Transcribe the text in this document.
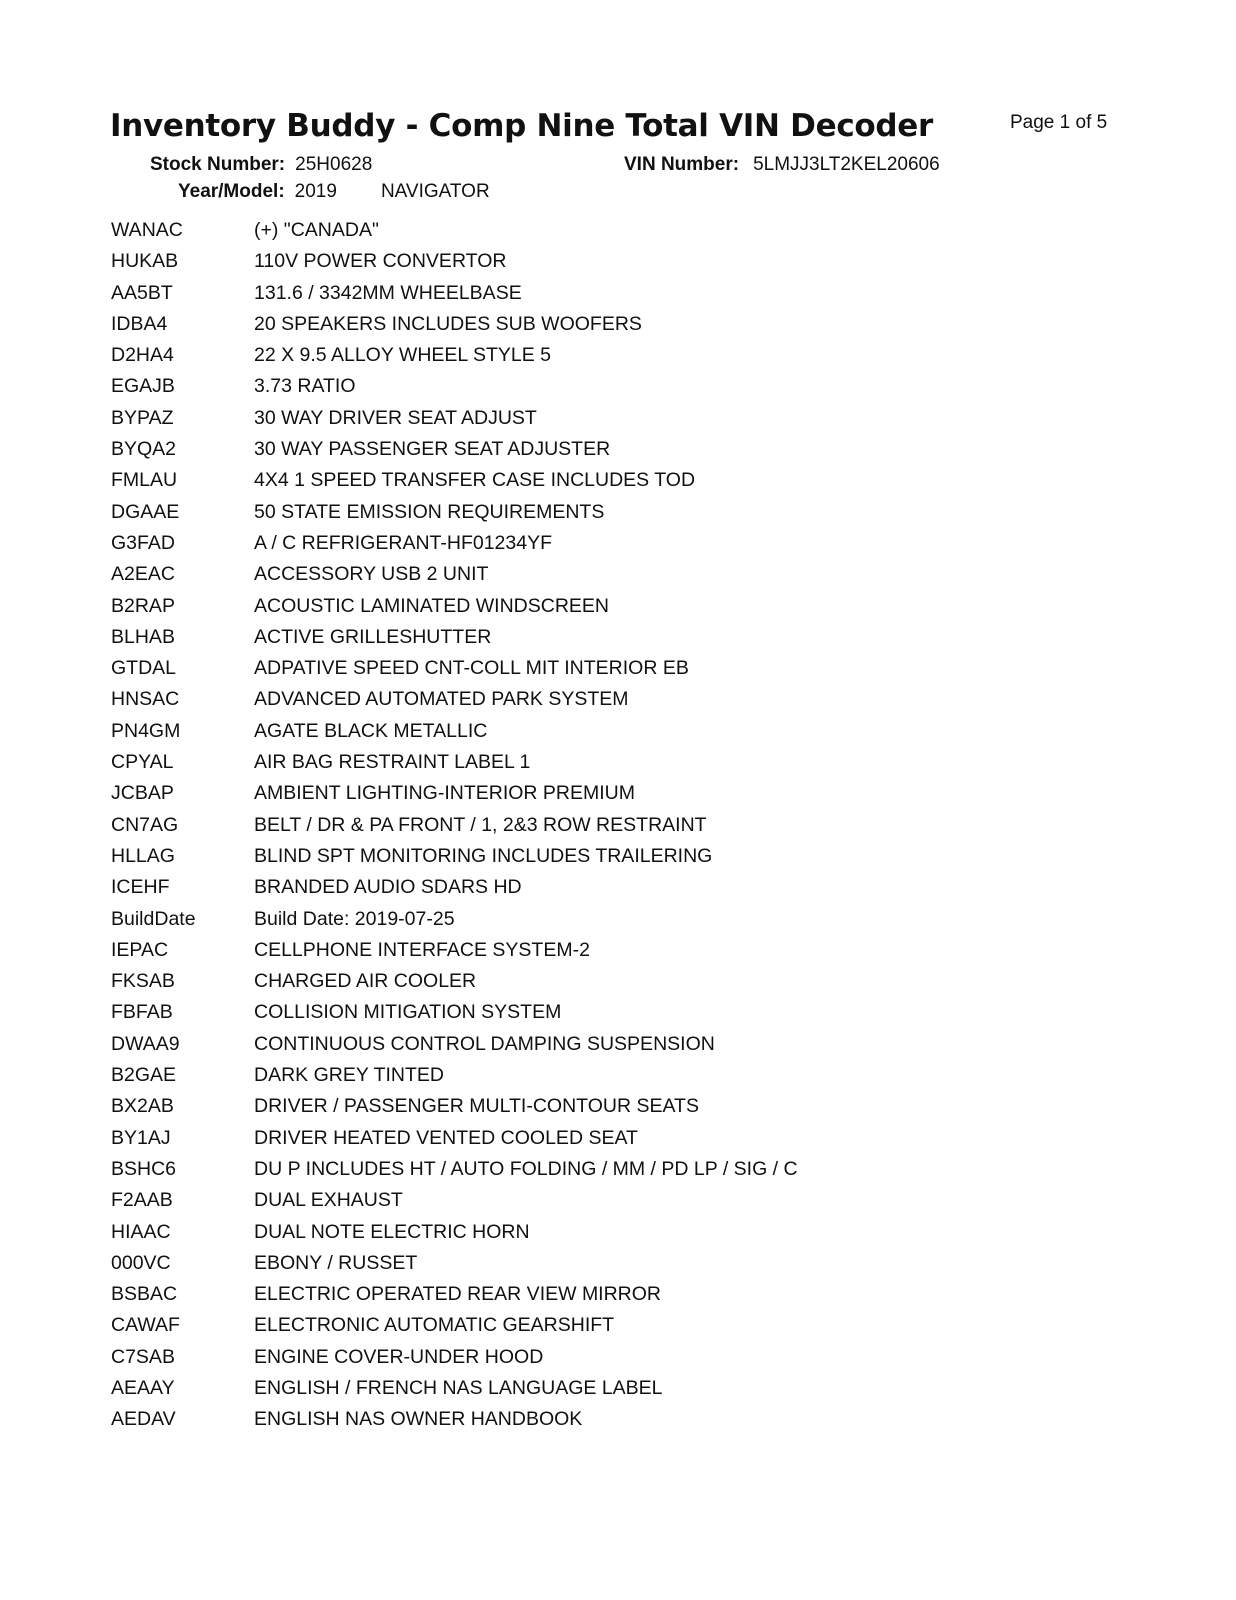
Inventory Buddy - Comp Nine Total VIN Decoder	Page 1 of 5
Stock Number: 25H0628	VIN Number: 5LMJJ3LT2KEL20606
Year/Model: 2019 NAVIGATOR
WANAC	(+) "CANADA"
HUKAB	110V POWER CONVERTOR
AA5BT	131.6 / 3342MM WHEELBASE
IDBA4	20 SPEAKERS INCLUDES SUB WOOFERS
D2HA4	22 X 9.5 ALLOY WHEEL STYLE 5
EGAJB	3.73 RATIO
BYPAZ	30 WAY DRIVER SEAT ADJUST
BYQA2	30 WAY PASSENGER SEAT ADJUSTER
FMLAU	4X4 1 SPEED TRANSFER CASE INCLUDES TOD
DGAAE	50 STATE EMISSION REQUIREMENTS
G3FAD	A / C REFRIGERANT-HF01234YF
A2EAC	ACCESSORY USB 2 UNIT
B2RAP	ACOUSTIC LAMINATED WINDSCREEN
BLHAB	ACTIVE GRILLESHUTTER
GTDAL	ADPATIVE SPEED CNT-COLL MIT INTERIOR EB
HNSAC	ADVANCED AUTOMATED PARK SYSTEM
PN4GM	AGATE BLACK METALLIC
CPYAL	AIR BAG RESTRAINT LABEL 1
JCBAP	AMBIENT LIGHTING-INTERIOR PREMIUM
CN7AG	BELT / DR & PA FRONT / 1, 2&3 ROW RESTRAINT
HLLAG	BLIND SPT MONITORING INCLUDES TRAILERING
ICEHF	BRANDED AUDIO SDARS HD
BuildDate	Build Date: 2019-07-25
IEPAC	CELLPHONE INTERFACE SYSTEM-2
FKSAB	CHARGED AIR COOLER
FBFAB	COLLISION MITIGATION SYSTEM
DWAA9	CONTINUOUS CONTROL DAMPING SUSPENSION
B2GAE	DARK GREY TINTED
BX2AB	DRIVER / PASSENGER MULTI-CONTOUR SEATS
BY1AJ	DRIVER HEATED VENTED COOLED SEAT
BSHC6	DU P INCLUDES HT / AUTO FOLDING / MM / PD LP / SIG / C
F2AAB	DUAL EXHAUST
HIAAC	DUAL NOTE ELECTRIC HORN
000VC	EBONY / RUSSET
BSBAC	ELECTRIC OPERATED REAR VIEW MIRROR
CAWAF	ELECTRONIC AUTOMATIC GEARSHIFT
C7SAB	ENGINE COVER-UNDER HOOD
AEAAY	ENGLISH / FRENCH NAS LANGUAGE LABEL
AEDAV	ENGLISH NAS OWNER HANDBOOK
